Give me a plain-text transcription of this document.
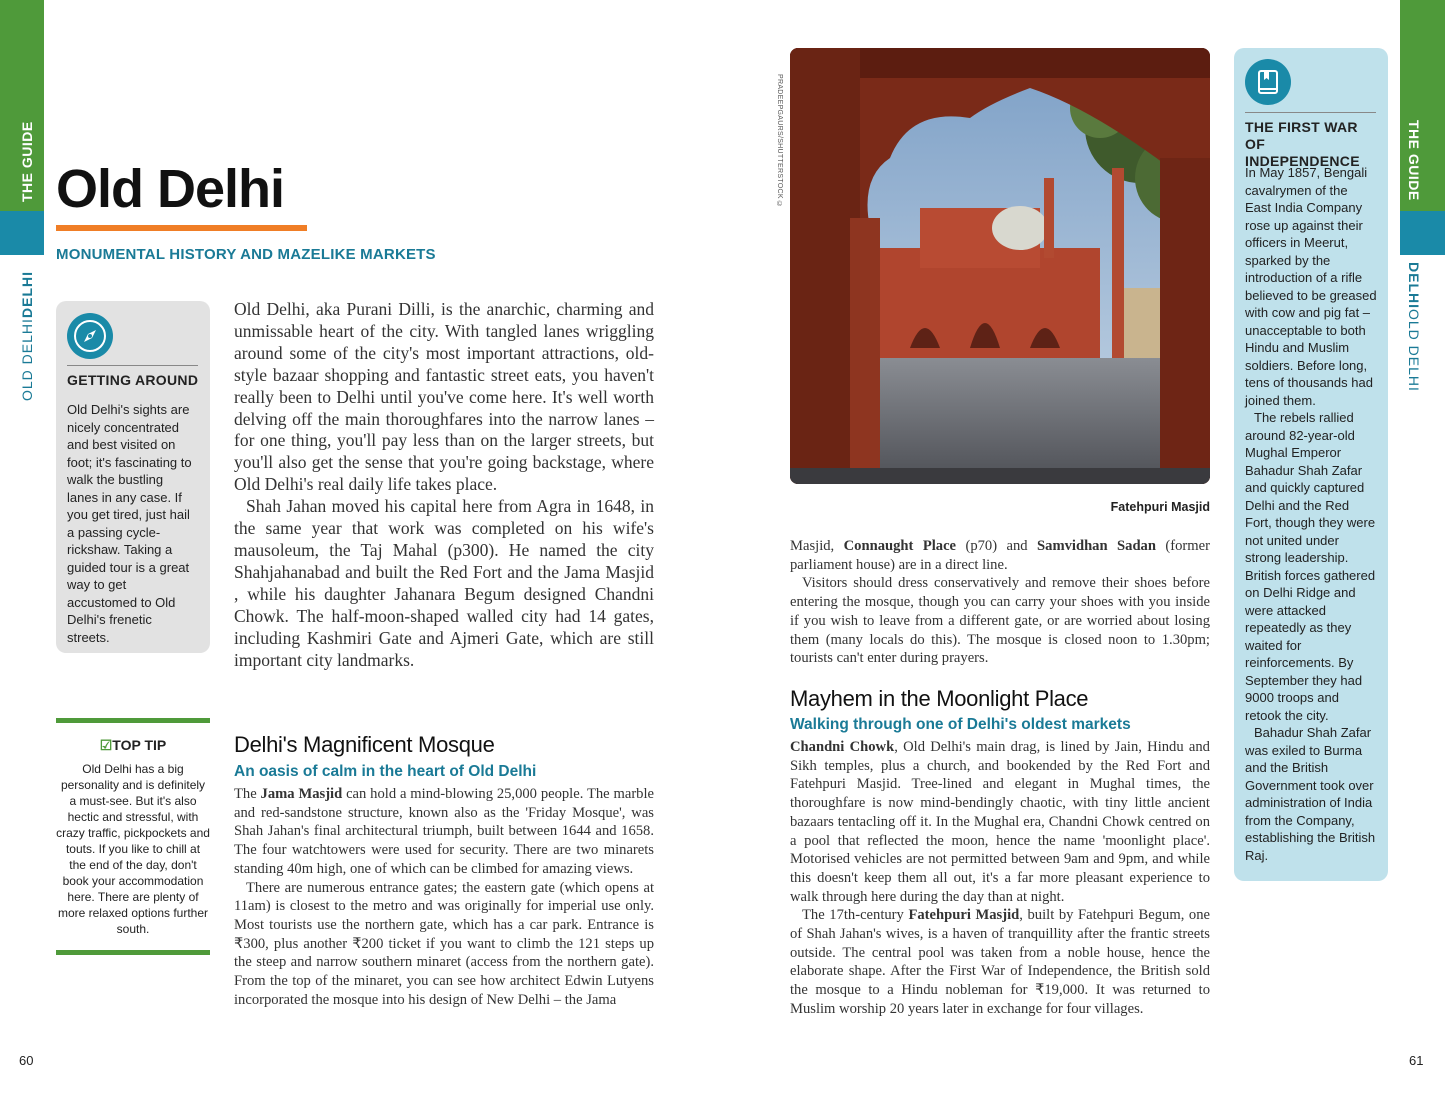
THE GUIDE
OLD DELHIDELHI
60
Old Delhi
MONUMENTAL HISTORY AND MAZELIKE MARKETS
GETTING AROUND
Old Delhi's sights are nicely concentrated and best visited on foot; it's fascinating to walk the bustling lanes in any case. If you get tired, just hail a passing cycle-rickshaw. Taking a guided tour is a great way to get accustomed to Old Delhi's frenetic streets.
☑TOP TIP
Old Delhi has a big personality and is definitely a must-see. But it's also hectic and stressful, with crazy traffic, pickpockets and touts. If you like to chill at the end of the day, don't book your accommodation here. There are plenty of more relaxed options further south.

Old Delhi, aka Purani Dilli, is the anarchic, charming and unmissable heart of the city. With tangled lanes wriggling around some of the city's most important attractions, old-style bazaar shopping and fantastic street eats, you haven't really been to Delhi until you've come here. It's well worth delving off the main thoroughfares into the narrow lanes – for one thing, you'll pay less than on the larger streets, but you'll also get the sense that you're going backstage, where Old Delhi's real daily life takes place.

Shah Jahan moved his capital here from Agra in 1648, in the same year that work was completed on his wife's mausoleum, the Taj Mahal (p300). He named the city Shahjahanabad and built the Red Fort and the Jama Masjid , while his daughter Jahanara Begum designed Chandni Chowk. The half-moon-shaped walled city had 14 gates, including Kashmiri Gate and Ajmeri Gate, which are still important city landmarks.

Delhi's Magnificent Mosque
An oasis of calm in the heart of Old Delhi

The Jama Masjid can hold a mind-blowing 25,000 people. The marble and red-sandstone structure, known also as the 'Friday Mosque', was Shah Jahan's final architectural triumph, built between 1644 and 1658. The four watchtowers were used for security. There are two minarets standing 40m high, one of which can be climbed for amazing views.

There are numerous entrance gates; the eastern gate (which opens at 11am) is closest to the metro and was originally for imperial use only. Most tourists use the northern gate, which has a car park. Entrance is ₹300, plus another ₹200 ticket if you want to climb the 121 steps up the steep and narrow southern minaret (access from the northern gate). From the top of the minaret, you can see how architect Edwin Lutyens incorporated the mosque into his design of New Delhi – the Jama

THE GUIDE
DELHIOLD DELHI
61
PRADEEPGAURS/SHUTTERSTOCK ©
Fatehpuri Masjid

Masjid, Connaught Place (p70) and Samvidhan Sadan (former parliament house) are in a direct line.

Visitors should dress conservatively and remove their shoes before entering the mosque, though you can carry your shoes with you inside if you wish to leave from a different gate, or are worried about losing them (many locals do this). The mosque is closed noon to 1.30pm; tourists can't enter during prayers.

Mayhem in the Moonlight Place
Walking through one of Delhi's oldest markets

Chandni Chowk, Old Delhi's main drag, is lined by Jain, Hindu and Sikh temples, plus a church, and bookended by the Red Fort and Fatehpuri Masjid. Tree-lined and elegant in Mughal times, the thoroughfare is now mind-bendingly chaotic, with tiny little ancient bazaars tentacling off it. In the Mughal era, Chandni Chowk centred on a pool that reflected the moon, hence the name 'moonlight place'. Motorised vehicles are not permitted between 9am and 9pm, and while this doesn't keep them all out, it's a far more pleasant experience to walk through here during the day than at night.

The 17th-century Fatehpuri Masjid, built by Fatehpuri Begum, one of Shah Jahan's wives, is a haven of tranquillity after the frantic streets outside. The central pool was taken from a noble house, hence the elaborate shape. After the First War of Independence, the British sold the mosque to a Hindu nobleman for ₹19,000. It was returned to Muslim worship 20 years later in exchange for four villages.

THE FIRST WAR OF INDEPENDENCE
In May 1857, Bengali cavalrymen of the East India Company rose up against their officers in Meerut, sparked by the introduction of a rifle believed to be greased with cow and pig fat – unacceptable to both Hindu and Muslim soldiers. Before long, tens of thousands had joined them.
The rebels rallied around 82-year-old Mughal Emperor Bahadur Shah Zafar and quickly captured Delhi and the Red Fort, though they were not united under strong leadership. British forces gathered on Delhi Ridge and were attacked repeatedly as they waited for reinforcements. By September they had 9000 troops and retook the city.
Bahadur Shah Zafar was exiled to Burma and the British Government took over administration of India from the Company, establishing the British Raj.
